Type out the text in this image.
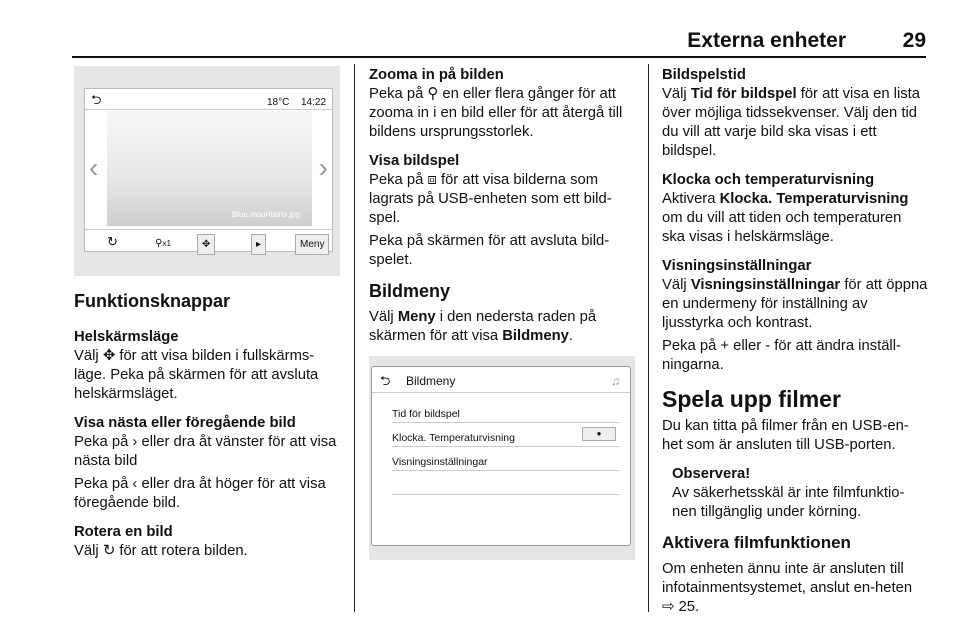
Externa enheter	29
⮌	18°C 14:22
‹	›
Blue mountains.jpg
↻	⚲x1	✥	▸	Meny
Funktionsknappar

Helskärmsläge
Välj ✥ för att visa bilden i fullskärms-läge. Peka på skärmen för att avsluta helskärmsläget.

Visa nästa eller föregående bild
Peka på › eller dra åt vänster för att visa nästa bild

Peka på ‹ eller dra åt höger för att visa föregående bild.

Rotera en bild
Välj ↻ för att rotera bilden.

Zooma in på bilden
Peka på ⚲ en eller flera gånger för att zooma in i en bild eller för att återgå till bildens ursprungsstorlek.

Visa bildspel
Peka på ⧈ för att visa bilderna som lagrats på USB-enheten som ett bild-spel.

Peka på skärmen för att avsluta bild-spelet.

Bildmeny

Välj Meny i den nedersta raden på skärmen för att visa Bildmeny.

⮌ Bildmeny	♫
Tid för bildspel
Klocka. Temperaturvisning	●
Visningsinställningar

Bildspelstid
Välj Tid för bildspel för att visa en lista över möjliga tidssekvenser. Välj den tid du vill att varje bild ska visas i ett bildspel.

Klocka och temperaturvisning
Aktivera Klocka. Temperaturvisning om du vill att tiden och temperaturen ska visas i helskärmsläge.

Visningsinställningar
Välj Visningsinställningar för att öppna en undermeny för inställning av ljusstyrka och kontrast.

Peka på + eller - för att ändra inställ-ningarna.

Spela upp filmer

Du kan titta på filmer från en USB-en-het som är ansluten till USB-porten.

Observera!
Av säkerhetsskäl är inte filmfunktio-nen tillgänglig under körning.
Aktivera filmfunktionen

Om enheten ännu inte är ansluten till infotainmentsystemet, anslut en-heten ⇨ 25.
